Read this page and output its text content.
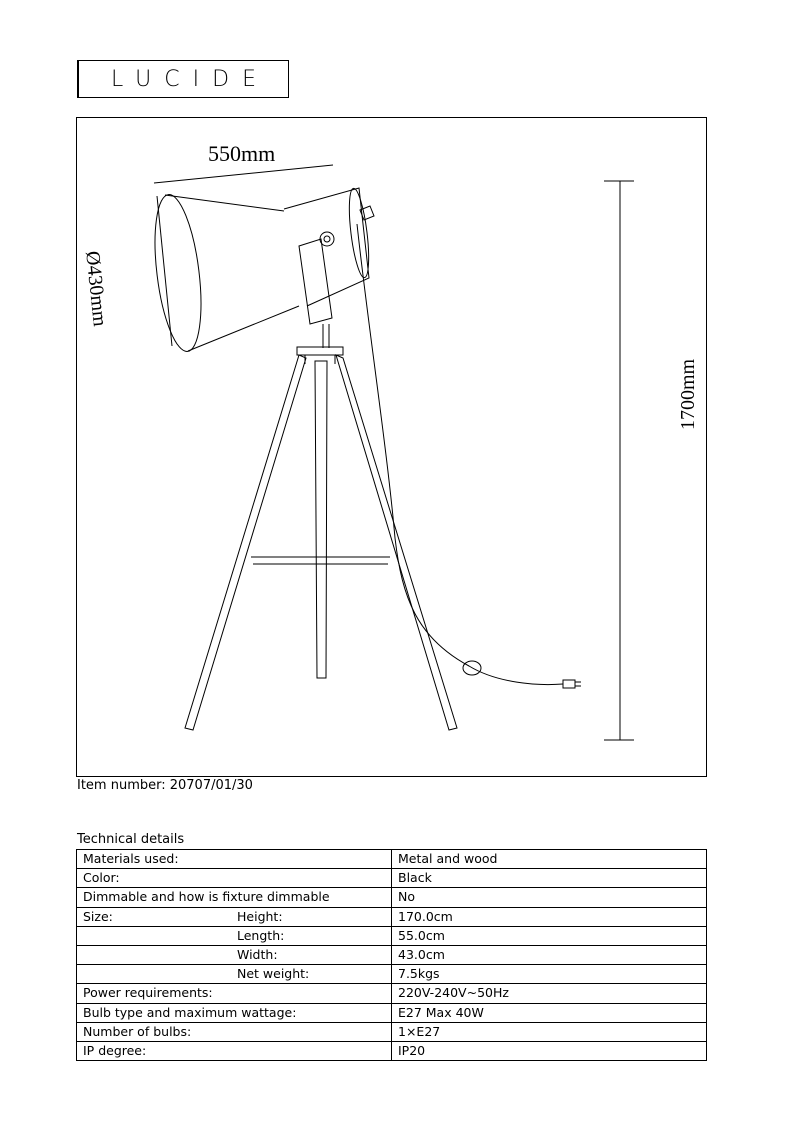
LUCIDE
550mm
Ø430mm
1700mm
Item number: 20707/01/30
Technical details
Materials used:	Metal and wood
Color:	Black
Dimmable and how is fixture dimmable	No
Size: Height:	170.0cm

Length:	55.0cm

Width:	43.0cm

Net weight:	7.5kgs
Power requirements:	220V-240V~50Hz
Bulb type and maximum wattage:	E27 Max 40W
Number of bulbs:	1×E27
IP degree:	IP20
